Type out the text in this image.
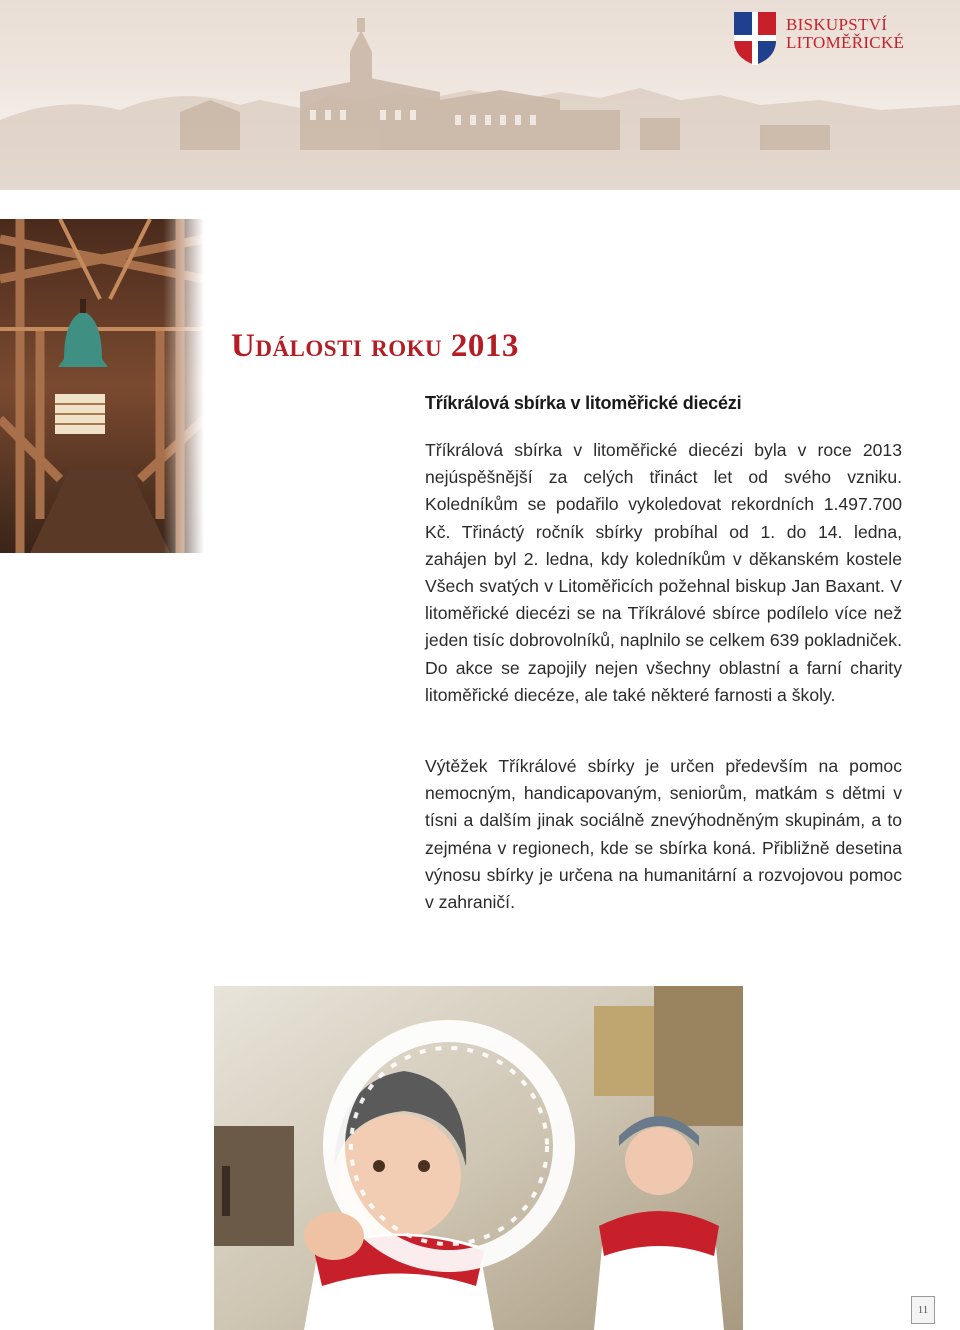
BISKUPSTVÍ
LITOMĚŘICKÉ
Události roku 2013
Tříkrálová sbírka v litoměřické diecézi

Tříkrálová sbírka v litoměřické diecézi byla v roce 2013 nejúspěšnější za celých třináct let od svého vzniku. Koledníkům se podařilo vykoledovat rekordních 1.497.700 Kč. Třináctý ročník sbírky probíhal od 1. do 14. ledna, zahájen byl 2. ledna, kdy koledníkům v děkanském kostele Všech svatých v Litoměřicích požehnal biskup Jan Baxant. V litoměřické diecézi se na Tříkrálové sbírce podílelo více než jeden tisíc dobrovolníků, naplnilo se celkem 639 pokladniček. Do akce se zapojily nejen všechny oblastní a farní charity litoměřické diecéze, ale také některé farnosti a školy.

Výtěžek Tříkrálové sbírky je určen především na pomoc nemocným, handicapovaným, seniorům, matkám s dětmi v tísni a dalším jinak sociálně znevýhodněným skupinám, a to zejména v regionech, kde se sbírka koná. Přibližně desetina výnosu sbírky je určena na humanitární a rozvojovou pomoc v zahraničí.

11
